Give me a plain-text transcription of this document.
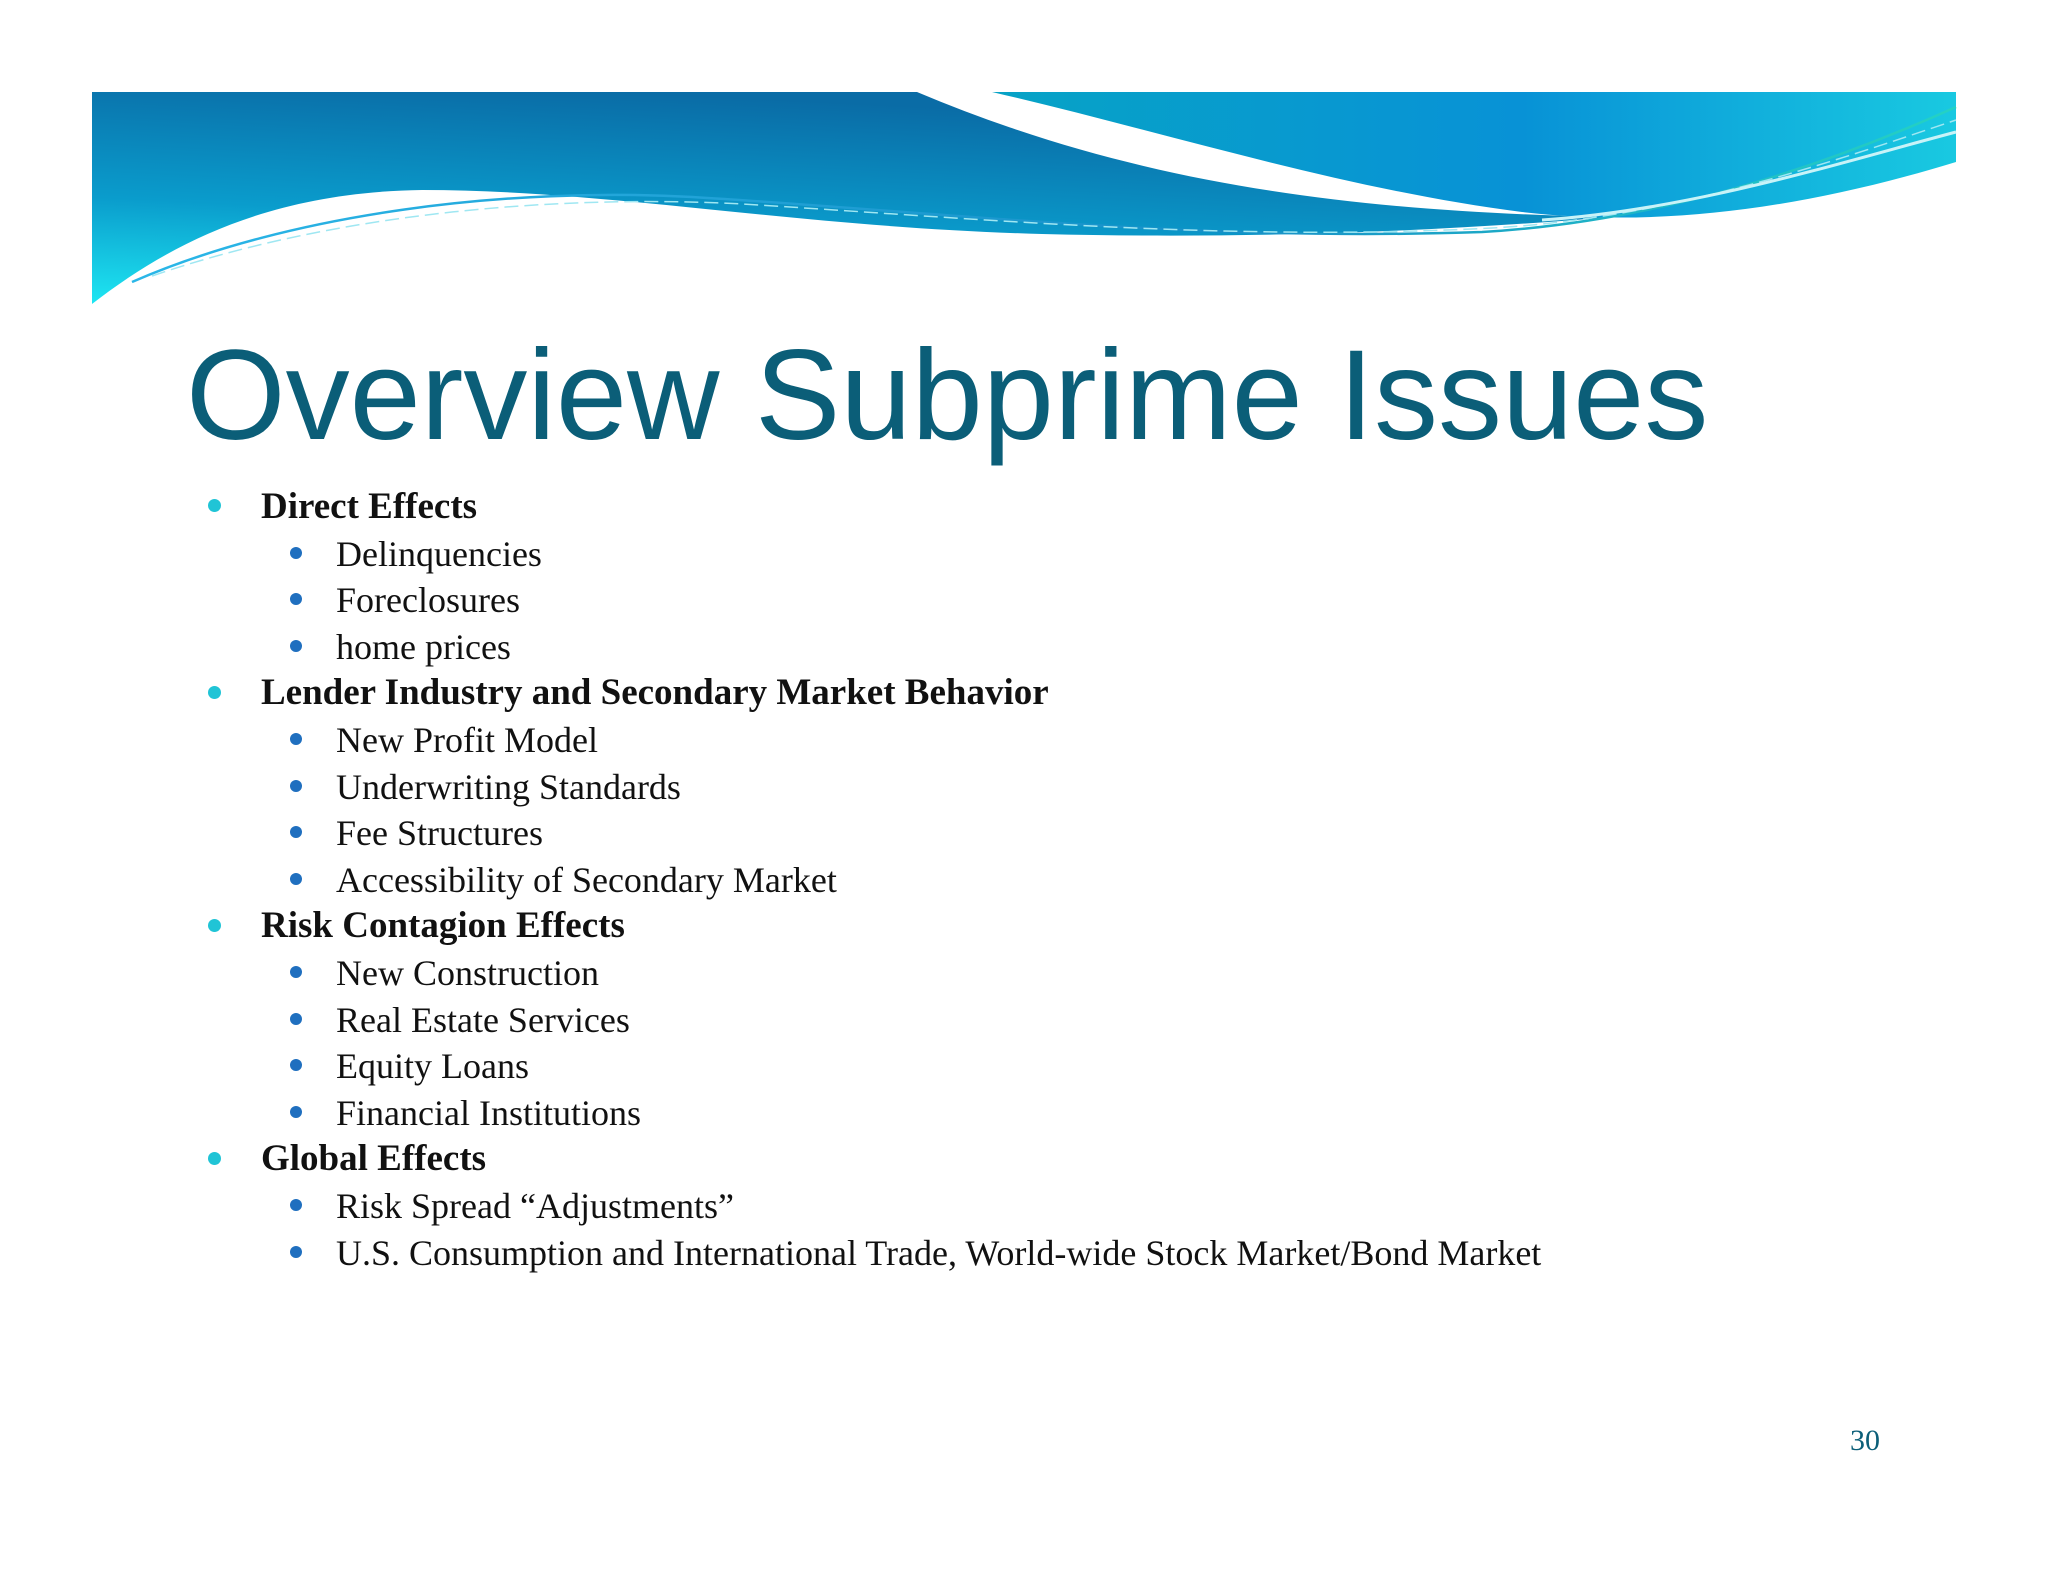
Overview Subprime Issues
Direct Effects
Delinquencies
Foreclosures
home prices
Lender Industry and Secondary Market Behavior
New Profit Model
Underwriting Standards
Fee Structures
Accessibility of Secondary Market
Risk Contagion Effects
New Construction
Real Estate Services
Equity Loans
Financial Institutions
Global Effects
Risk Spread “Adjustments”
U.S. Consumption and International Trade, World-wide Stock Market/Bond Market
30
